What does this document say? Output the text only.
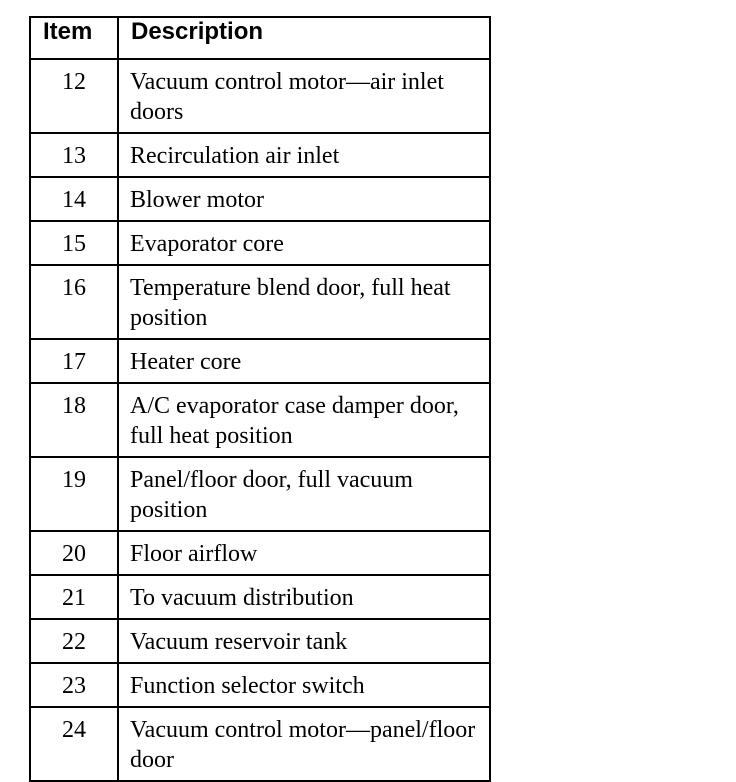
Item	Description
12	Vacuum control motor—air inlet doors
13	Recirculation air inlet
14	Blower motor
15	Evaporator core
16	Temperature blend door, full heat position
17	Heater core
18	A/C evaporator case damper door, full heat position
19	Panel/floor door, full vacuum position
20	Floor airflow
21	To vacuum distribution
22	Vacuum reservoir tank
23	Function selector switch
24	Vacuum control motor—panel/floor door
